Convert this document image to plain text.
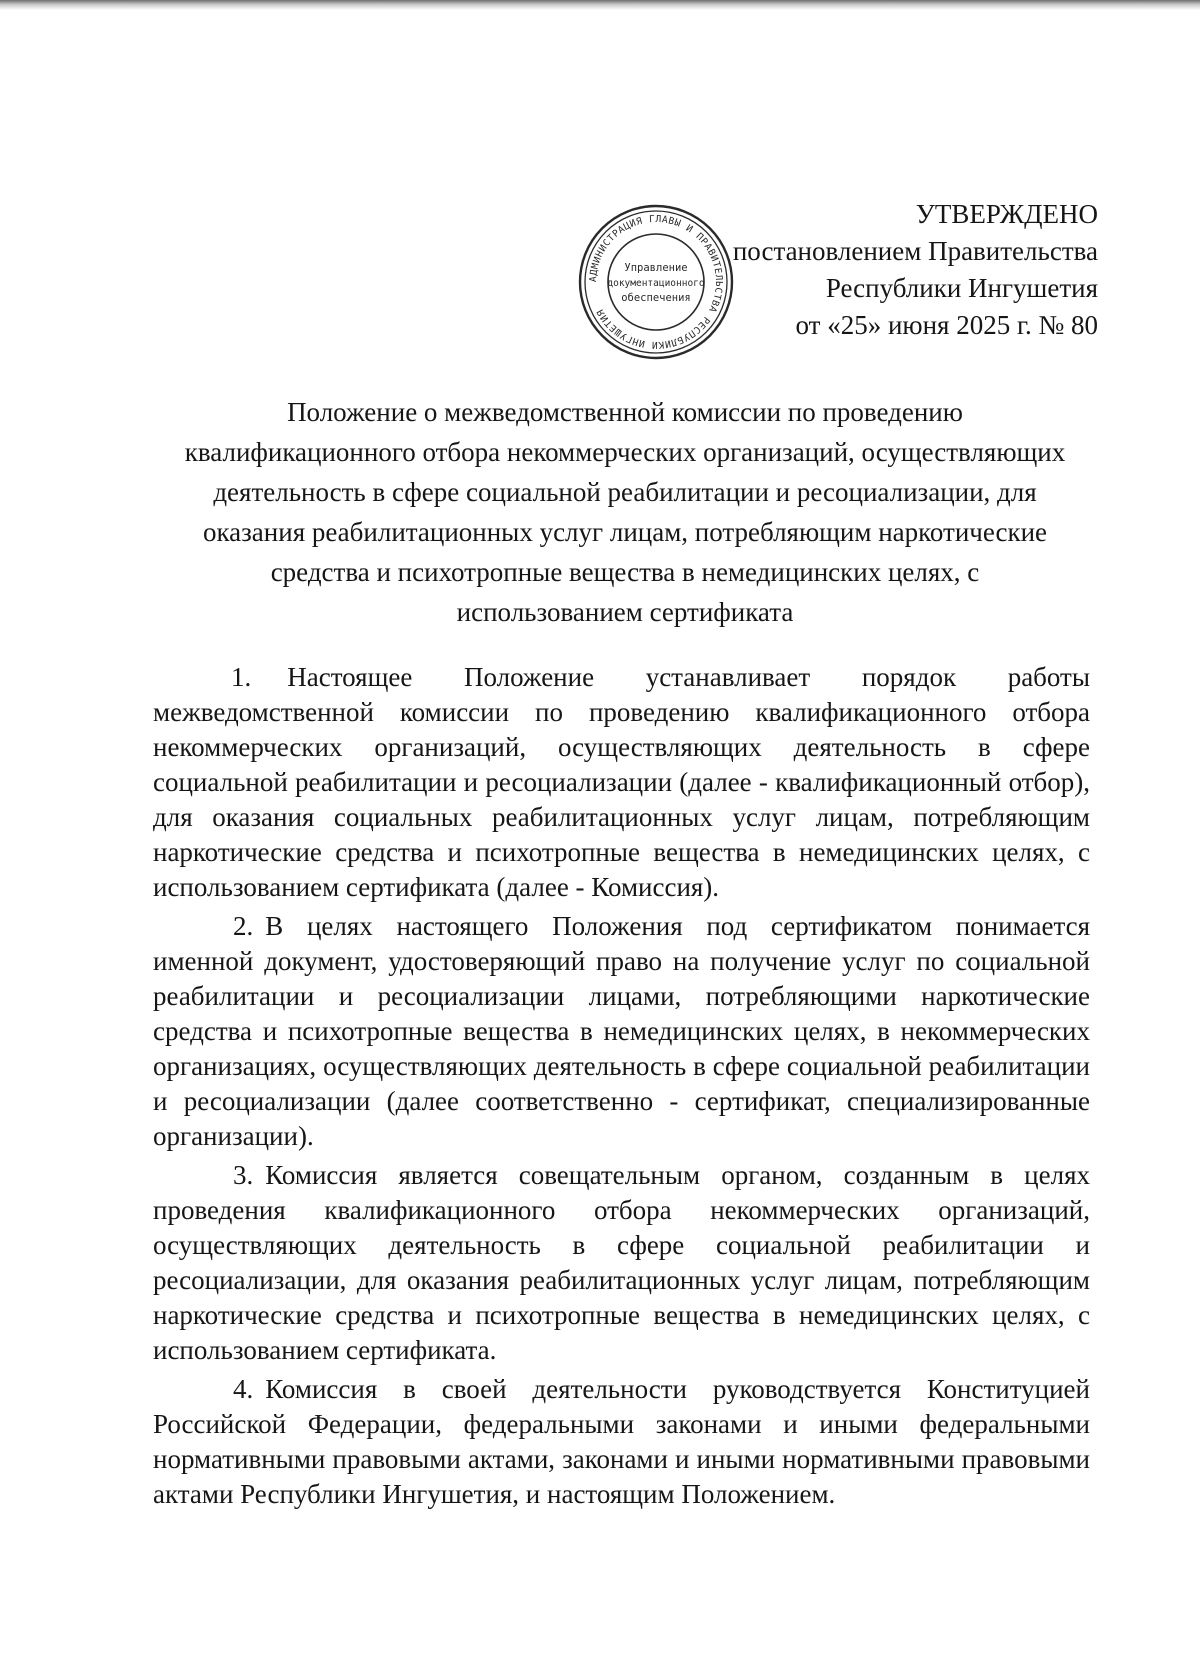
АДМИНИСТРАЦИЯ ГЛАВЫ И ПРАВИТЕЛЬСТВА РЕСПУБЛИКИ ИНГУШЕТИЯ
Управление
документационного
обеспечения
УТВЕРЖДЕНО
постановлением Правительства
Республики Ингушетия
от «25» июня 2025 г. № 80
Положение о межведомственной комиссии по проведению
квалификационного отбора некоммерческих организаций, осуществляющих
деятельность в сфере социальной реабилитации и ресоциализации, для
оказания реабилитационных услуг лицам, потребляющим наркотические
средства и психотропные вещества в немедицинских целях, с
использованием сертификата

1. Настоящее Положение устанавливает порядок работы межведомственной комиссии по проведению квалификационного отбора некоммерческих организаций, осуществляющих деятельность в сфере социальной реабилитации и ресоциализации (далее - квалификационный отбор), для оказания социальных реабилитационных услуг лицам, потребляющим наркотические средства и психотропные вещества в немедицинских целях, с использованием сертификата (далее - Комиссия).

2. В целях настоящего Положения под сертификатом понимается именной документ, удостоверяющий право на получение услуг по социальной реабилитации и ресоциализации лицами, потребляющими наркотические средства и психотропные вещества в немедицинских целях, в некоммерческих организациях, осуществляющих деятельность в сфере социальной реабилитации и ресоциализации (далее соответственно - сертификат, специализированные организации).

3. Комиссия является совещательным органом, созданным в целях проведения квалификационного отбора некоммерческих организаций, осуществляющих деятельность в сфере социальной реабилитации и ресоциализации, для оказания реабилитационных услуг лицам, потребляющим наркотические средства и психотропные вещества в немедицинских целях, с использованием сертификата.

4. Комиссия в своей деятельности руководствуется Конституцией Российской Федерации, федеральными законами и иными федеральными нормативными правовыми актами, законами и иными нормативными правовыми актами Республики Ингушетия, и настоящим Положением.
